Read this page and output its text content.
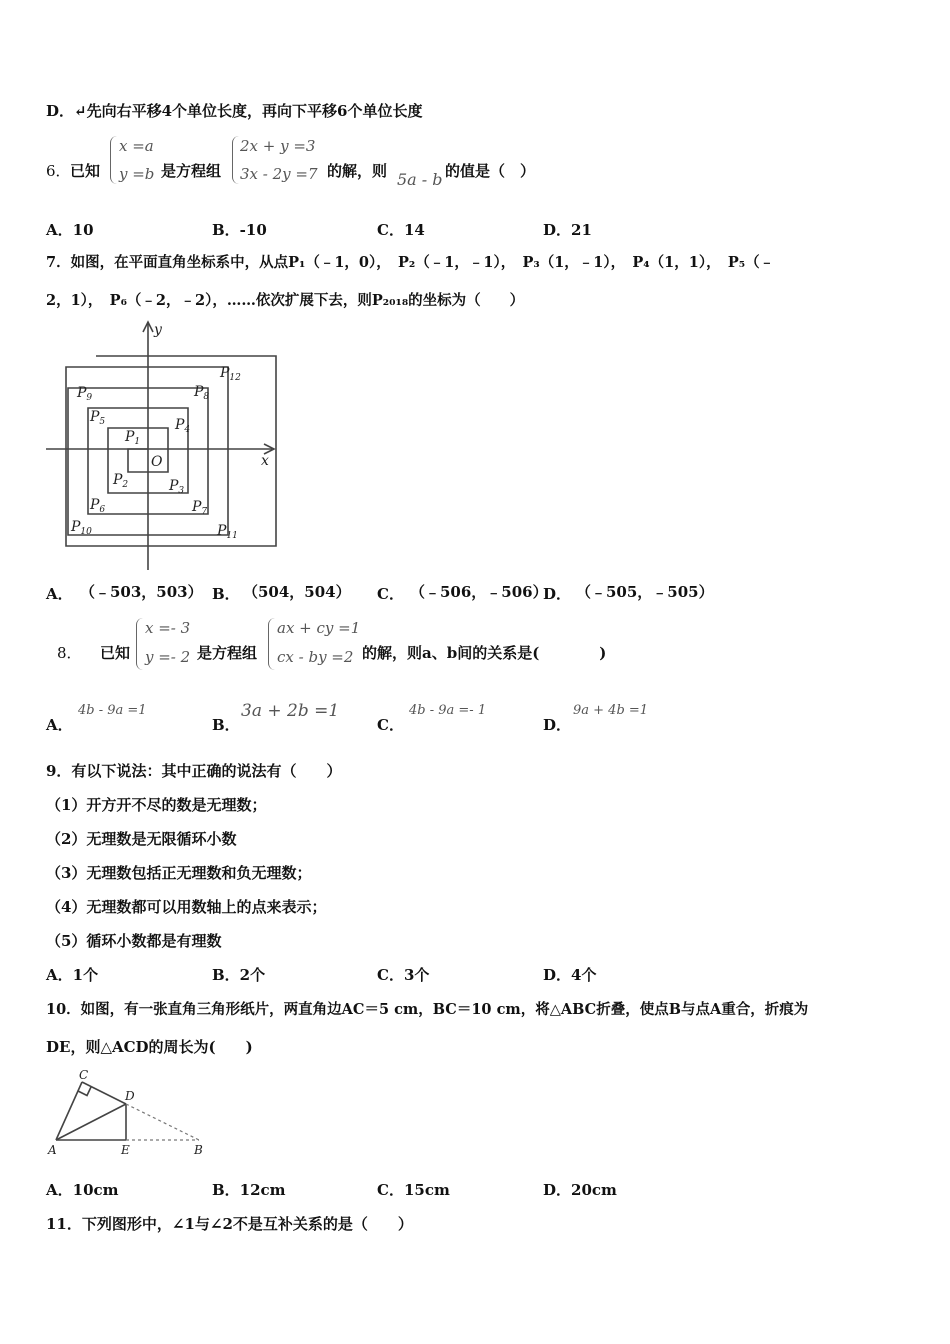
D．↵先向右平移4个单位长度，再向下平移6个单位长度
6． 已知
x =a
y =b 是方程组
2x + y =3
3x - 2y =7 的解，则 5a - b 的值是（　）
A．10	B．-10	C．14	D．21
7．如图，在平面直角坐标系中，从点P₁（﹣1，0），　P₂（﹣1，﹣1），　P₃（1，﹣1），　P₄（1，1），　P₅（﹣
2，1），　P₆（﹣2，﹣2），……依次扩展下去，则P₂₀₁₈的坐标为（　　）
y
x
O
$P_1$
$P_2$	$P_3$
$P_4$
$P_5$
$P_6$	$P_7$
$P_8$
$P_9$
$P_{10}$	$P_{11}$
$P_{12}$
A． （﹣503，503） B． （504，504） C． （﹣506，﹣506）
D． （﹣505，﹣505）
8． 已知
x =- 3
y =- 2 是方程组
ax + cy =1
cx - by =2 的解，则a、b间的关系是(　　　　)
A．
4b - 9a =1
B．
3a + 2b =1
C．
4b - 9a =- 1
D．
9a + 4b =1
9．有以下说法：其中正确的说法有（　　）
（1）开方开不尽的数是无理数；
（2）无理数是无限循环小数
（3）无理数包括正无理数和负无理数；
（4）无理数都可以用数轴上的点来表示；
（5）循环小数都是有理数
A．1个	B．2个	C．3个	D．4个
10．如图，有一张直角三角形纸片，两直角边AC＝5 cm，BC＝10 cm，将△ABC折叠，使点B与点A重合，折痕为
DE，则△ACD的周长为(　　)
C
D
A	E	B
A．10cm	B．12cm	C．15cm	D．20cm
11．下列图形中，∠1与∠2不是互补关系的是（　　）
